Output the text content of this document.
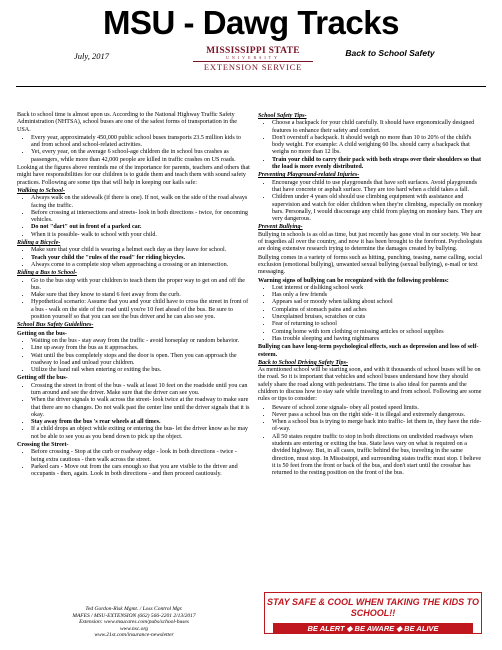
MSU - Dawg Tracks
July, 2017	MISSISSIPPI STATE
UNIVERSITY
EXTENSION SERVICE
Back to School Safety

Back to school time is almost upon us. According to the National Highway Traffic Safety Administration (NHTSA), school buses are one of the safest forms of transportation in the USA.

• Every year, approximately 450,000 public school buses transports 23.5 million kids to and from school and school-related activities.
• Yet, every year, on the average 6 school-age children die in school bus crashes as passengers, while more than 42,000 people are killed in traffic crashes on US roads.

Looking at the figures above reminds me of the importance for parents, teachers and others that might have responsibilities for our children is to guide them and teach them with sound safety practices. Following are some tips that will help in keeping our kails safe:

Walking to School-
• Always walk on the sidewalk (if there is one). If not, walk on the side of the road always facing the traffic.
• Before crossing at intersections and streets- look in both directions - twice, for oncoming vehicles.
• Do not "dart" out in front of a parked car.
• When it is possible- walk to school with your child.
Riding a Bicycle-
• Make sure that your child is wearing a helmet each day as they leave for school.
• Teach your child the "rules of the road" for riding bicycles.
• Always come to a complete stop when approaching a crossing or an intersection.
Riding a Bus to School-
• Go to the bus stop with your children to teach them the proper way to get on and off the bus.
• Make sure that they know to stand 6 feet away from the curb.
• Hypothetical scenario: Assume that you and your child have to cross the street in front of a bus - walk on the side of the road until you're 10 feet ahead of the bus. Be sure to position yourself so that you can see the bus driver and he can also see you.
School Bus Safety Guidelines-
Getting on the bus-
• Waiting on the bus - stay away from the traffic - avoid horseplay or random behavior.
• Line up away from the bus as it approaches.
• Wait until the bus completely stops and the door is open. Then you can approach the roadway to load and unload your children.
• Utilize the hand rail when entering or exiting the bus.
Getting off the bus-
• Crossing the street in front of the bus - walk at least 10 feet on the roadside until you can turn around and see the driver. Make sure that the driver can see you.
• When the driver signals to walk across the street- look twice at the roadway to make sure that there are no changes. Do not walk past the center line until the driver signals that it is okay.
• Stay away from the bus 's rear wheels at all times.
• If a child drops an object while exiting or entering the bus- let the driver know as he may not be able to see you as you bend down to pick up the object.
Crossing the Street-
• Before crossing - Stop at the curb or roadway edge - look in both directions - twice - being extra cautious - then walk across the street.
• Parked cars - Move out from the cars enough so that you are visible to the driver and occupants - then, again. Look in both directions - and then proceed cautiously.
School Safety Tips-
• Choose a backpack for your child carefully. It should have ergonomically designed features to enhance their safety and comfort.
• Don't overstuff a backpack. It should weigh no more than 10 to 20% of the child's body weight. For example: A child weighing 60 lbs. should carry a backpack that weighs no more than 12 lbs.
• Train your child to carry their pack with both straps over their shoulders so that the load is more evenly distributed.
Preventing Playground-related Injuries-
• Encourage your child to use playgrounds that have soft surfaces. Avoid playgrounds that have concrete or asphalt surface. They are too hard when a child takes a fall.
• Children under 4 years old should use climbing equipment with assistance and supervision and watch for older children when they're climbing, especially on monkey bars. Personally, I would discourage any child from playing on monkey bars. They are very dangerous.
Prevent Bullying-

Bullying in schools is as old as time, but just recently has gone viral in our society. We hear of tragedies all over the country, and now it has been brought to the forefront. Psychologists are doing extensive research trying to determine the damages created by bullying.

Bullying comes in a variety of forms such as hitting, punching, teasing, name calling, social exclusion (emotional bullying), unwanted sexual bullying (sexual bullying), e-mail or text messaging.

Warning signs of bullying can be recognized with the following problems:
• Lost interest or disliking school work
• Has only a few friends
• Appears sad or moody when talking about school
• Complains of stomach pains and aches
• Unexplained bruises, scratches or cuts
• Fear of returning to school
• Coming home with torn clothing or missing articles or school supplies
• Has trouble sleeping and having nightmares
Bullying can have long-term psychological effects, such as depression and loss of self-esteem.
Back to School Driving Safety Tips-

As mentioned school will be starting soon, and with it thousands of school buses will be on the road. So it is important that vehicles and school buses understand how they should safely share the road along with pedestrians. The time is also ideal for parents and the children to discuss how to stay safe while traveling to and from school. Following are some rules or tips to consider:

• Beware of school zone signals- obey all posted speed limits.
• Never pass a school bus on the right side- it is illegal and extremely dangerous.
• When a school bus is trying to merge back into traffic- let them in, they have the ride-of-way.
• All 50 states require traffic to stop in both directions on undivided roadways when students are entering or exiting the bus. State laws vary on what is required on a divided highway. But, in all cases, traffic behind the bus, traveling in the same direction, must stop. In Mississippi, and surrounding states traffic must stop. I believe it is 50 feet from the front or back of the bus, and don't start until the crossbar has returned to the resting position on the front of the bus.
Ted Gordon-Risk Mgmt. / Loss Control Mgr.
MAFES / MSU-EXTENSION (662) 566-2201 2/13/2017
Extension: www.msucares.com/pubs/school-buses
www.nsc.org
www.21st.com/insurance-newsletter
STAY SAFE & COOL WHEN TAKING THE KIDS TO SCHOOL!!
BE ALERT ◆ BE AWARE ◆ BE ALIVE
